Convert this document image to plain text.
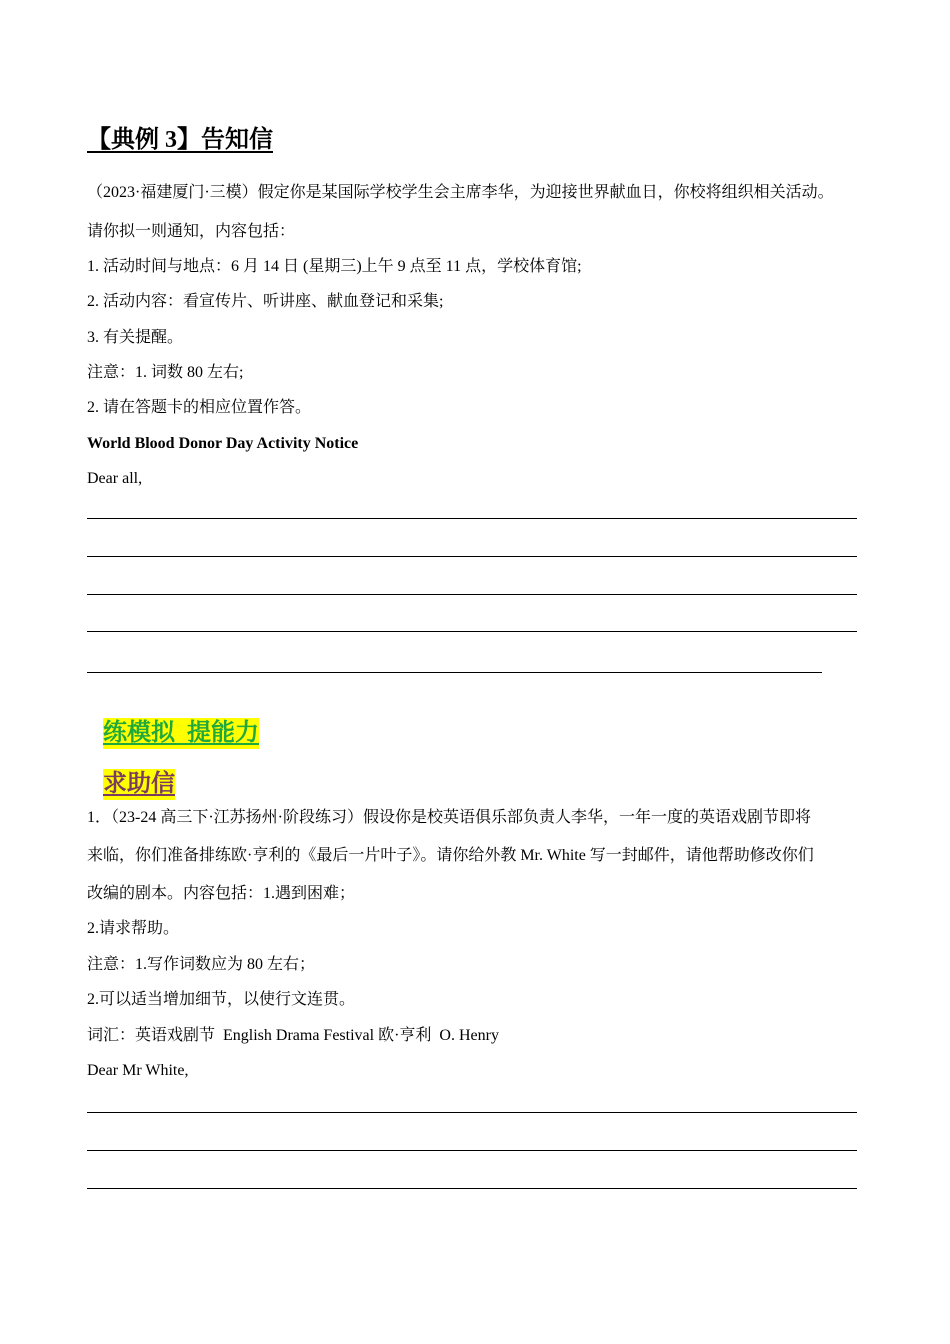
【典例 3】告知信
（2023·福建厦门·三模）假定你是某国际学校学生会主席李华，为迎接世界献血日，你校将组织相关活动。
请你拟一则通知，内容包括：
1. 活动时间与地点：6 月 14 日 (星期三)上午 9 点至 11 点，学校体育馆;
2. 活动内容：看宣传片、听讲座、献血登记和采集;
3. 有关提醒。
注意：1. 词数 80 左右;
2. 请在答题卡的相应位置作答。
World Blood Donor Day Activity Notice
Dear all,

练模拟  提能力

求助信

1．（23-24 高三下·江苏扬州·阶段练习）假设你是校英语俱乐部负责人李华，一年一度的英语戏剧节即将
来临，你们准备排练欧·亨利的《最后一片叶子》。请你给外教 Mr. White 写一封邮件，请他帮助修改你们
改编的剧本。内容包括：1.遇到困难；
2.请求帮助。
注意：1.写作词数应为 80 左右；
2.可以适当增加细节，以使行文连贯。
词汇：英语戏剧节  English Drama Festival 欧·亨利  O. Henry
Dear Mr White,
